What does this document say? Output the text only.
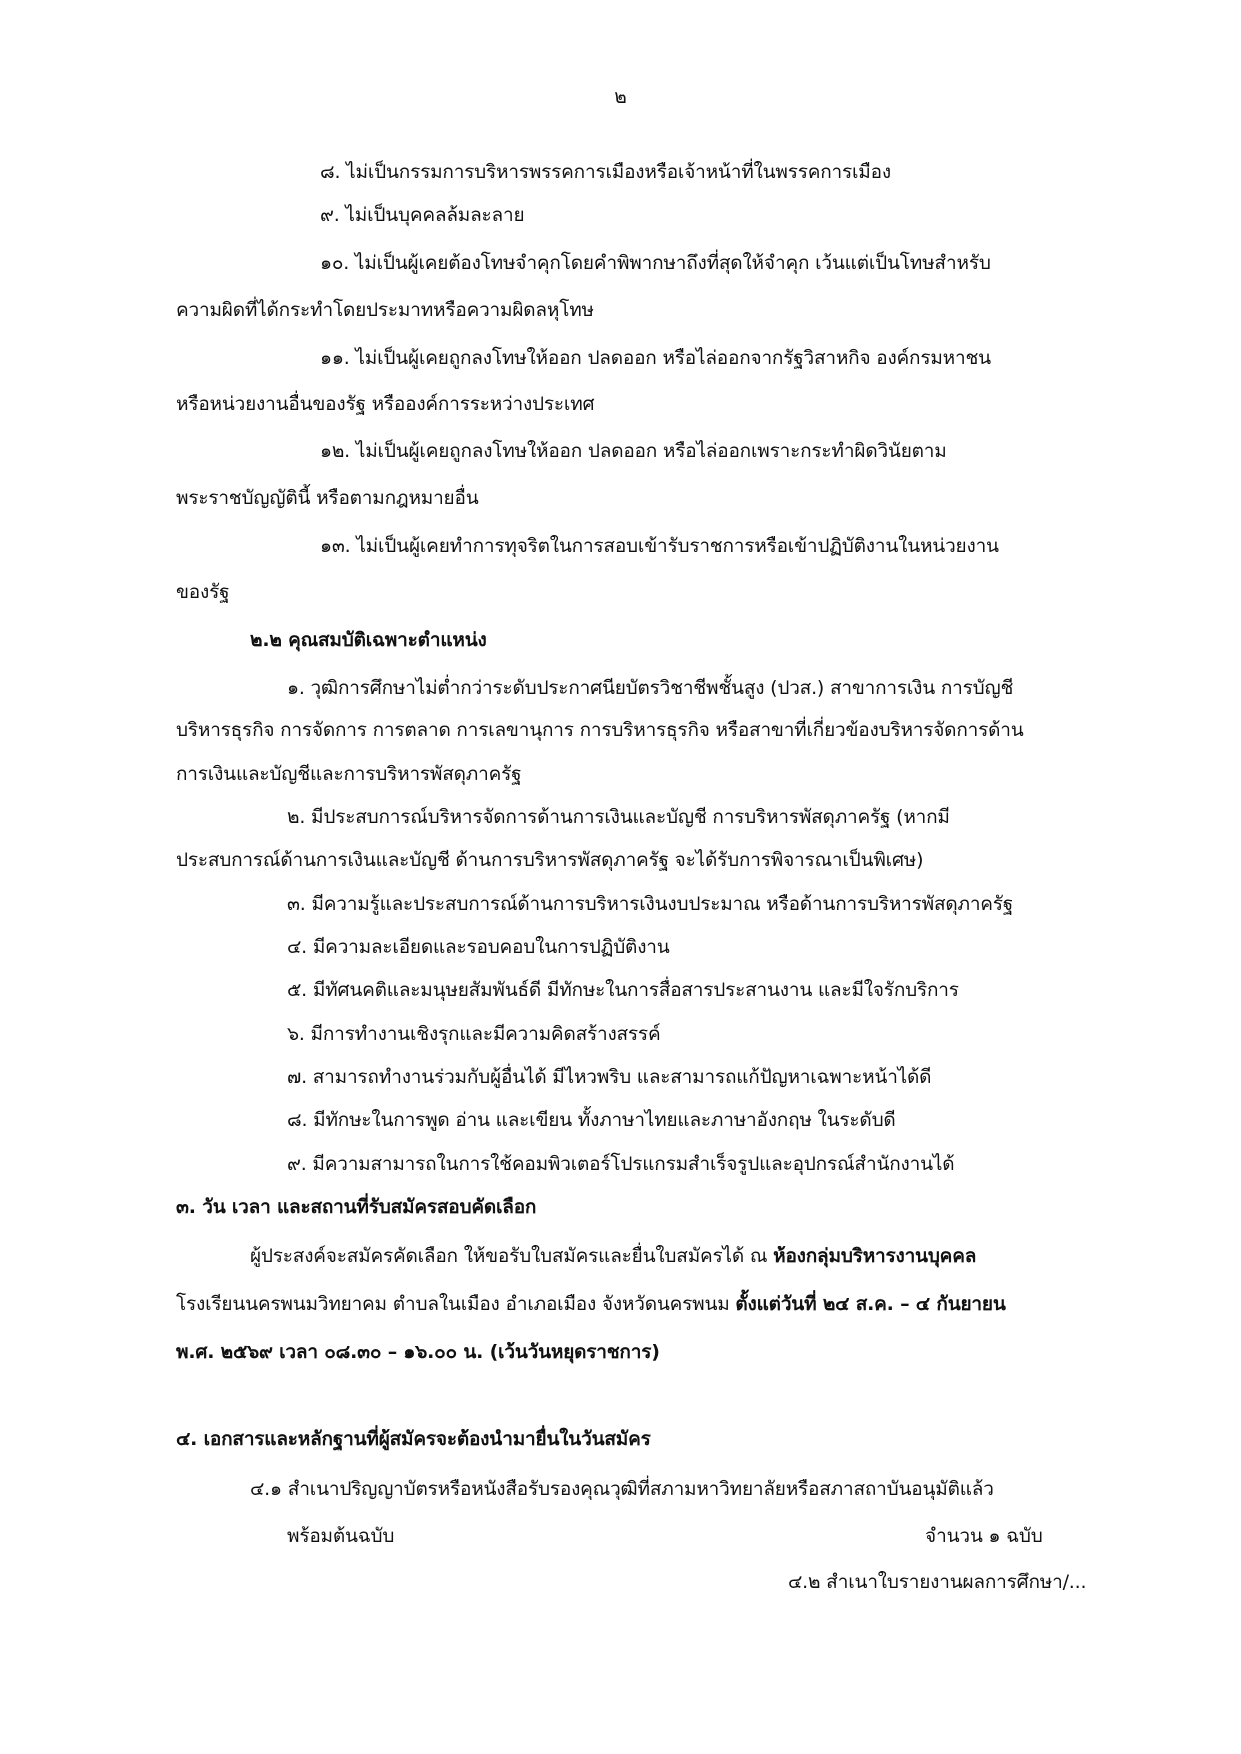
๒
๘. ไม่เป็นกรรมการบริหารพรรคการเมืองหรือเจ้าหน้าที่ในพรรคการเมือง
๙. ไม่เป็นบุคคลล้มละลาย
๑๐. ไม่เป็นผู้เคยต้องโทษจำคุกโดยคำพิพากษาถึงที่สุดให้จำคุก เว้นแต่เป็นโทษสำหรับ
ความผิดที่ได้กระทำโดยประมาทหรือความผิดลหุโทษ
๑๑. ไม่เป็นผู้เคยถูกลงโทษให้ออก ปลดออก หรือไล่ออกจากรัฐวิสาหกิจ องค์กรมหาชน
หรือหน่วยงานอื่นของรัฐ หรือองค์การระหว่างประเทศ
๑๒. ไม่เป็นผู้เคยถูกลงโทษให้ออก ปลดออก หรือไล่ออกเพราะกระทำผิดวินัยตาม
พระราชบัญญัตินี้ หรือตามกฎหมายอื่น
๑๓. ไม่เป็นผู้เคยทำการทุจริตในการสอบเข้ารับราชการหรือเข้าปฏิบัติงานในหน่วยงาน
ของรัฐ
๒.๒ คุณสมบัติเฉพาะตำแหน่ง
๑. วุฒิการศึกษาไม่ต่ำกว่าระดับประกาศนียบัตรวิชาชีพชั้นสูง (ปวส.) สาขาการเงิน การบัญชี
บริหารธุรกิจ การจัดการ การตลาด การเลขานุการ การบริหารธุรกิจ หรือสาขาที่เกี่ยวข้องบริหารจัดการด้าน
การเงินและบัญชีและการบริหารพัสดุภาครัฐ
๒. มีประสบการณ์บริหารจัดการด้านการเงินและบัญชี การบริหารพัสดุภาครัฐ (หากมี
ประสบการณ์ด้านการเงินและบัญชี ด้านการบริหารพัสดุภาครัฐ จะได้รับการพิจารณาเป็นพิเศษ)
๓. มีความรู้และประสบการณ์ด้านการบริหารเงินงบประมาณ หรือด้านการบริหารพัสดุภาครัฐ
๔. มีความละเอียดและรอบคอบในการปฏิบัติงาน
๕. มีทัศนคติและมนุษยสัมพันธ์ดี มีทักษะในการสื่อสารประสานงาน และมีใจรักบริการ
๖. มีการทำงานเชิงรุกและมีความคิดสร้างสรรค์
๗. สามารถทำงานร่วมกับผู้อื่นได้ มีไหวพริบ และสามารถแก้ปัญหาเฉพาะหน้าได้ดี
๘. มีทักษะในการพูด อ่าน และเขียน ทั้งภาษาไทยและภาษาอังกฤษ ในระดับดี
๙. มีความสามารถในการใช้คอมพิวเตอร์โปรแกรมสำเร็จรูปและอุปกรณ์สำนักงานได้
๓. วัน เวลา และสถานที่รับสมัครสอบคัดเลือก
ผู้ประสงค์จะสมัครคัดเลือก ให้ขอรับใบสมัครและยื่นใบสมัครได้ ณ ห้องกลุ่มบริหารงานบุคคล
โรงเรียนนครพนมวิทยาคม ตำบลในเมือง อำเภอเมือง จังหวัดนครพนม ตั้งแต่วันที่ ๒๔ ส.ค. – ๔ กันยายน
พ.ศ. ๒๕๖๙ เวลา ๐๘.๓๐ – ๑๖.๐๐ น. (เว้นวันหยุดราชการ)
๔. เอกสารและหลักฐานที่ผู้สมัครจะต้องนำมายื่นในวันสมัคร
๔.๑ สำเนาปริญญาบัตรหรือหนังสือรับรองคุณวุฒิที่สภามหาวิทยาลัยหรือสภาสถาบันอนุมัติแล้ว
พร้อมต้นฉบับ	จำนวน ๑ ฉบับ
๔.๒ สำเนาใบรายงานผลการศึกษา/...
